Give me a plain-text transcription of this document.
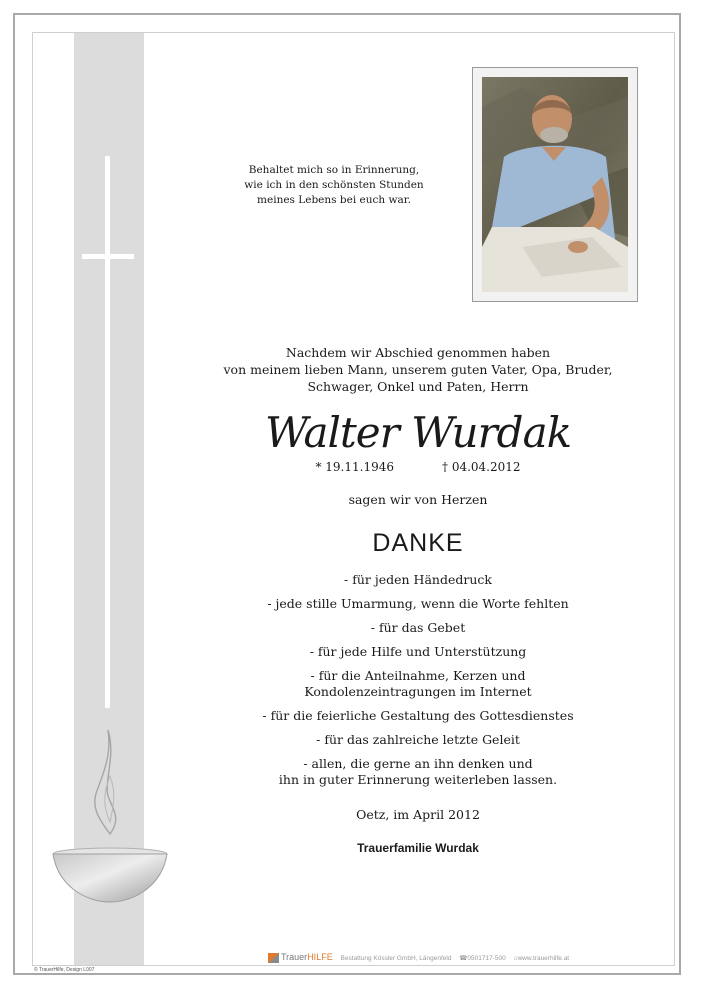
Behaltet mich so in Erinnerung,
wie ich in den schönsten Stunden
meines Lebens bei euch war.
Nachdem wir Abschied genommen haben
von meinem lieben Mann, unserem guten Vater, Opa, Bruder,
Schwager, Onkel und Paten, Herrn
Walter Wurdak
* 19.11.1946	† 04.04.2012
sagen wir von Herzen
DANKE
- für jeden Händedruck
- jede stille Umarmung, wenn die Worte fehlten
- für das Gebet
- für jede Hilfe und Unterstützung
- für die Anteilnahme, Kerzen und
Kondolenzeintragungen im Internet
- für die feierliche Gestaltung des Gottesdienstes
- für das zahlreiche letzte Geleit
- allen, die gerne an ihn denken und
ihn in guter Erinnerung weiterleben lassen.
Oetz, im April 2012
Trauerfamilie Wurdak
TrauerHILFE Bestattung Kössler GmbH, Längenfeld ☎0501717-500 ⌂www.trauerhilfe.at
© TrauerHilfe, Design L007
